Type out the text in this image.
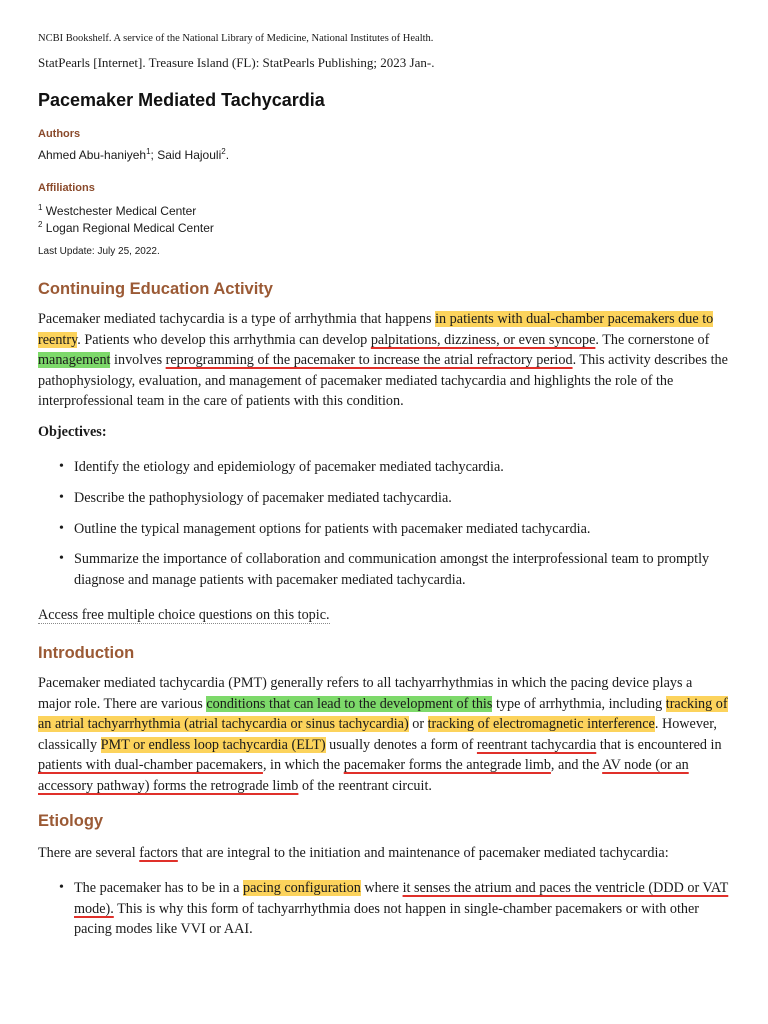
NCBI Bookshelf. A service of the National Library of Medicine, National Institutes of Health.
StatPearls [Internet]. Treasure Island (FL): StatPearls Publishing; 2023 Jan-.
Pacemaker Mediated Tachycardia
Authors
Ahmed Abu-haniyeh$^1$; Said Hajouli$^2$.
Affiliations
$^1$ Westchester Medical Center
$^2$ Logan Regional Medical Center
Last Update: July 25, 2022.
Continuing Education Activity

Pacemaker mediated tachycardia is a type of arrhythmia that happens in patients with dual-chamber pacemakers due to reentry. Patients who develop this arrhythmia can develop palpitations, dizziness, or even syncope. The cornerstone of management involves reprogramming of the pacemaker to increase the atrial refractory period. This activity describes the pathophysiology, evaluation, and management of pacemaker mediated tachycardia and highlights the role of the interprofessional team in the care of patients with this condition.

Objectives:
• Identify the etiology and epidemiology of pacemaker mediated tachycardia.
• Describe the pathophysiology of pacemaker mediated tachycardia.
• Outline the typical management options for patients with pacemaker mediated tachycardia.
• Summarize the importance of collaboration and communication amongst the interprofessional team to promptly diagnose and manage patients with pacemaker mediated tachycardia.
Access free multiple choice questions on this topic.
Introduction

Pacemaker mediated tachycardia (PMT) generally refers to all tachyarrhythmias in which the pacing device plays a major role. There are various conditions that can lead to the development of this type of arrhythmia, including tracking of an atrial tachyarrhythmia (atrial tachycardia or sinus tachycardia) or tracking of electromagnetic interference. However, classically PMT or endless loop tachycardia (ELT) usually denotes a form of reentrant tachycardia that is encountered in patients with dual-chamber pacemakers, in which the pacemaker forms the antegrade limb, and the AV node (or an accessory pathway) forms the retrograde limb of the reentrant circuit.

Etiology

There are several factors that are integral to the initiation and maintenance of pacemaker mediated tachycardia:

• The pacemaker has to be in a pacing configuration where it senses the atrium and paces the ventricle (DDD or VAT mode). This is why this form of tachyarrhythmia does not happen in single-chamber pacemakers or with other pacing modes like VVI or AAI.
